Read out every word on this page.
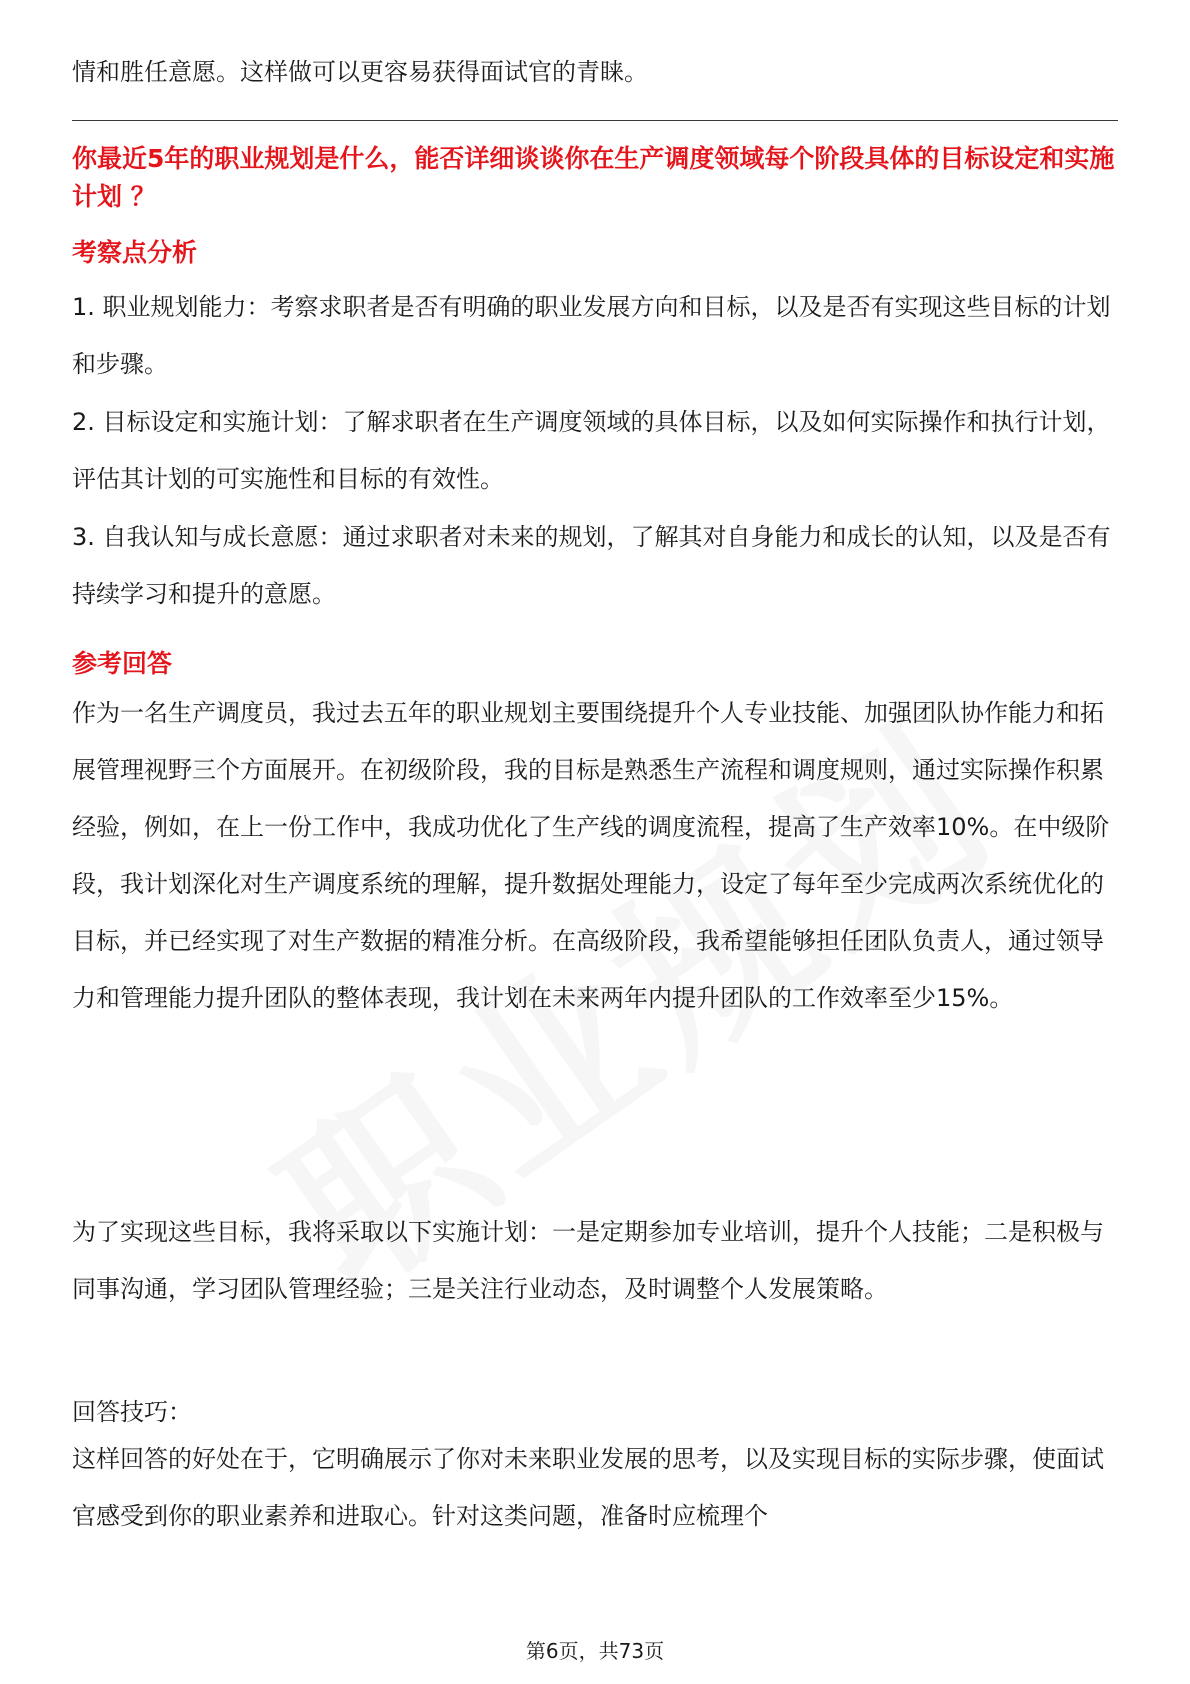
情和胜任意愿。这样做可以更容易获得面试官的青睐。

你最近5年的职业规划是什么，能否详细谈谈你在生产调度领域每个阶段具体的目标设定和实施计划 ？

考察点分析

1. 职业规划能力：考察求职者是否有明确的职业发展方向和目标，以及是否有实现这些目标的计划和步骤。

2. 目标设定和实施计划：了解求职者在生产调度领域的具体目标，以及如何实际操作和执行计划，评估其计划的可实施性和目标的有效性。

3. 自我认知与成长意愿：通过求职者对未来的规划，了解其对自身能力和成长的认知，以及是否有持续学习和提升的意愿。

参考回答

作为一名生产调度员，我过去五年的职业规划主要围绕提升个人专业技能、加强团队协作能力和拓展管理视野三个方面展开。在初级阶段，我的目标是熟悉生产流程和调度规则，通过实际操作积累经验，例如，在上一份工作中，我成功优化了生产线的调度流程，提高了生产效率10%。在中级阶段，我计划深化对生产调度系统的理解，提升数据处理能力，设定了每年至少完成两次系统优化的目标，并已经实现了对生产数据的精准分析。在高级阶段，我希望能够担任团队负责人，通过领导力和管理能力提升团队的整体表现，我计划在未来两年内提升团队的工作效率至少15%。

为了实现这些目标，我将采取以下实施计划：一是定期参加专业培训，提升个人技能；二是积极与同事沟通，学习团队管理经验；三是关注行业动态，及时调整个人发展策略。

回答技巧：

这样回答的好处在于，它明确展示了你对未来职业发展的思考，以及实现目标的实际步骤，使面试官感受到你的职业素养和进取心。针对这类问题，准备时应梳理个

第6页，共73页
